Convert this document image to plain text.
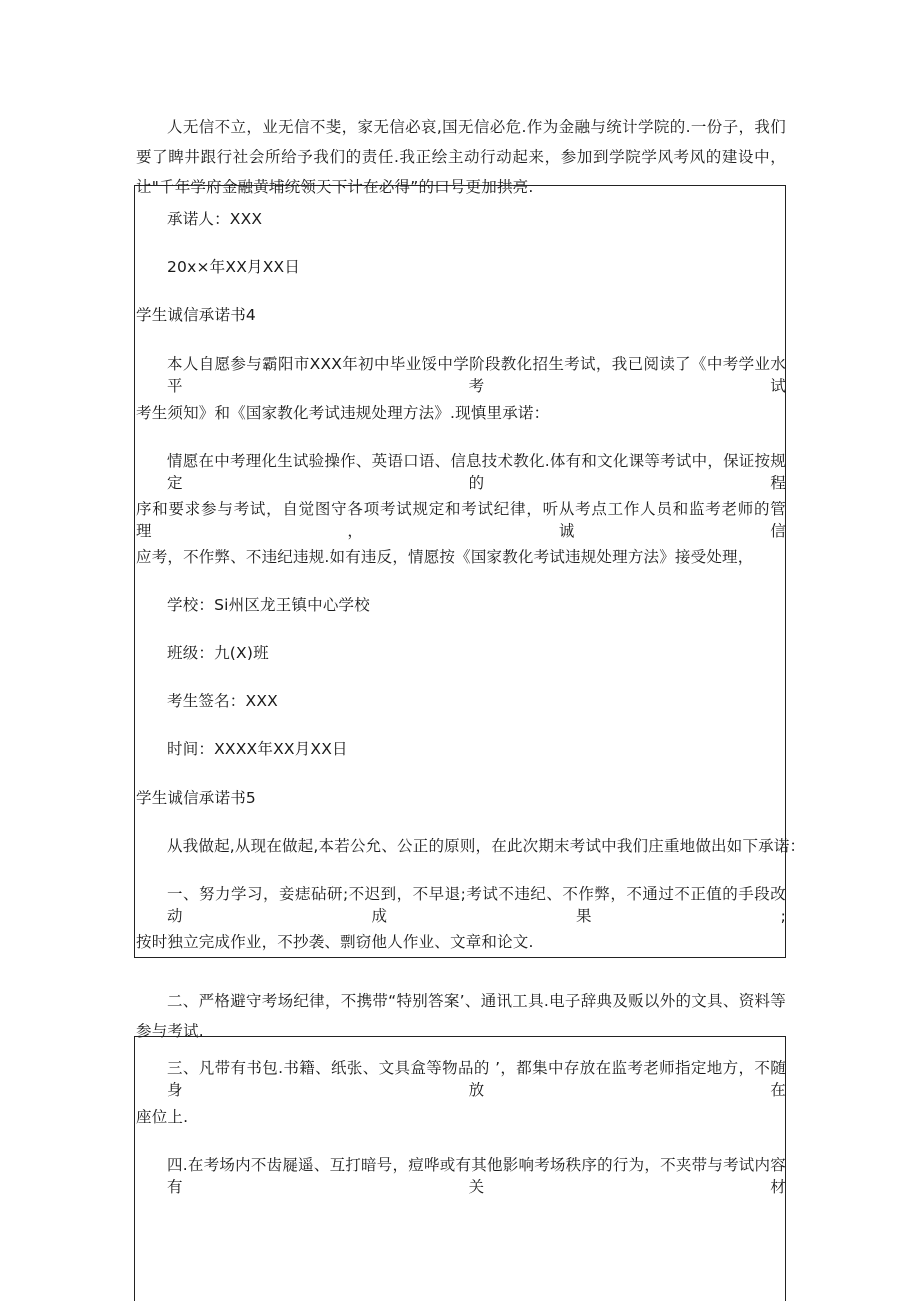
人无信不立，业无信不斐，家无信必哀,国无信必危.作为金融与统计学院的.一份子，我们要了睥井跟行社会所给予我们的责任.我正绘主动行动起来，参加到学院学风考风的建设中，让"千年学府金融黄埔统领天下计在必得”的口号更加拱亮.

承诺人：XXX

20x×年XX月XX日

学生诚信承诺书4

本人自愿参与霸阳市XXX年初中毕业馁中学阶段教化招生考试，我已阅读了《中考学业水平考试

考生须知》和《国家教化考试违规处理方法》.现慎里承诺：

情愿在中考理化生试验操作、英语口语、信息技术教化.体有和文化课等考试中，保证按规定的程

序和要求参与考试，自觉图守各项考试规定和考试纪律，听从考点工作人员和监考老师的管理，诚信

应考，不作弊、不违纪违规.如有违反，情愿按《国家教化考试违规处理方法》接受处理，

学校：Si州区龙王镇中心学校

班级：九(X)班

考生签名：XXX

时间：XXXX年XX月XX日

学生诚信承诺书5

从我做起,从现在做起,本若公允、公正的原则，在此次期末考试中我们庄重地做出如下承诺：

一、努力学习，妾痣砧研;不迟到，不早退;考试不违纪、不作弊，不通过不正值的手段改动成果;

按时独立完成作业，不抄袭、剽窃他人作业、文章和论文.

二、严格避守考场纪律，不携带“特别答案’、通讯工具.电子辞典及贩以外的文具、资料等参与考试.

三、凡带有书包.书籍、纸张、文具盒等物品的 ’，都集中存放在监考老师指定地方，不随身放在

座位上.

四.在考场内不齿屣遥、互打暗号，痘哗或有其他影响考场秩序的行为，不夹带与考试内容有关材
